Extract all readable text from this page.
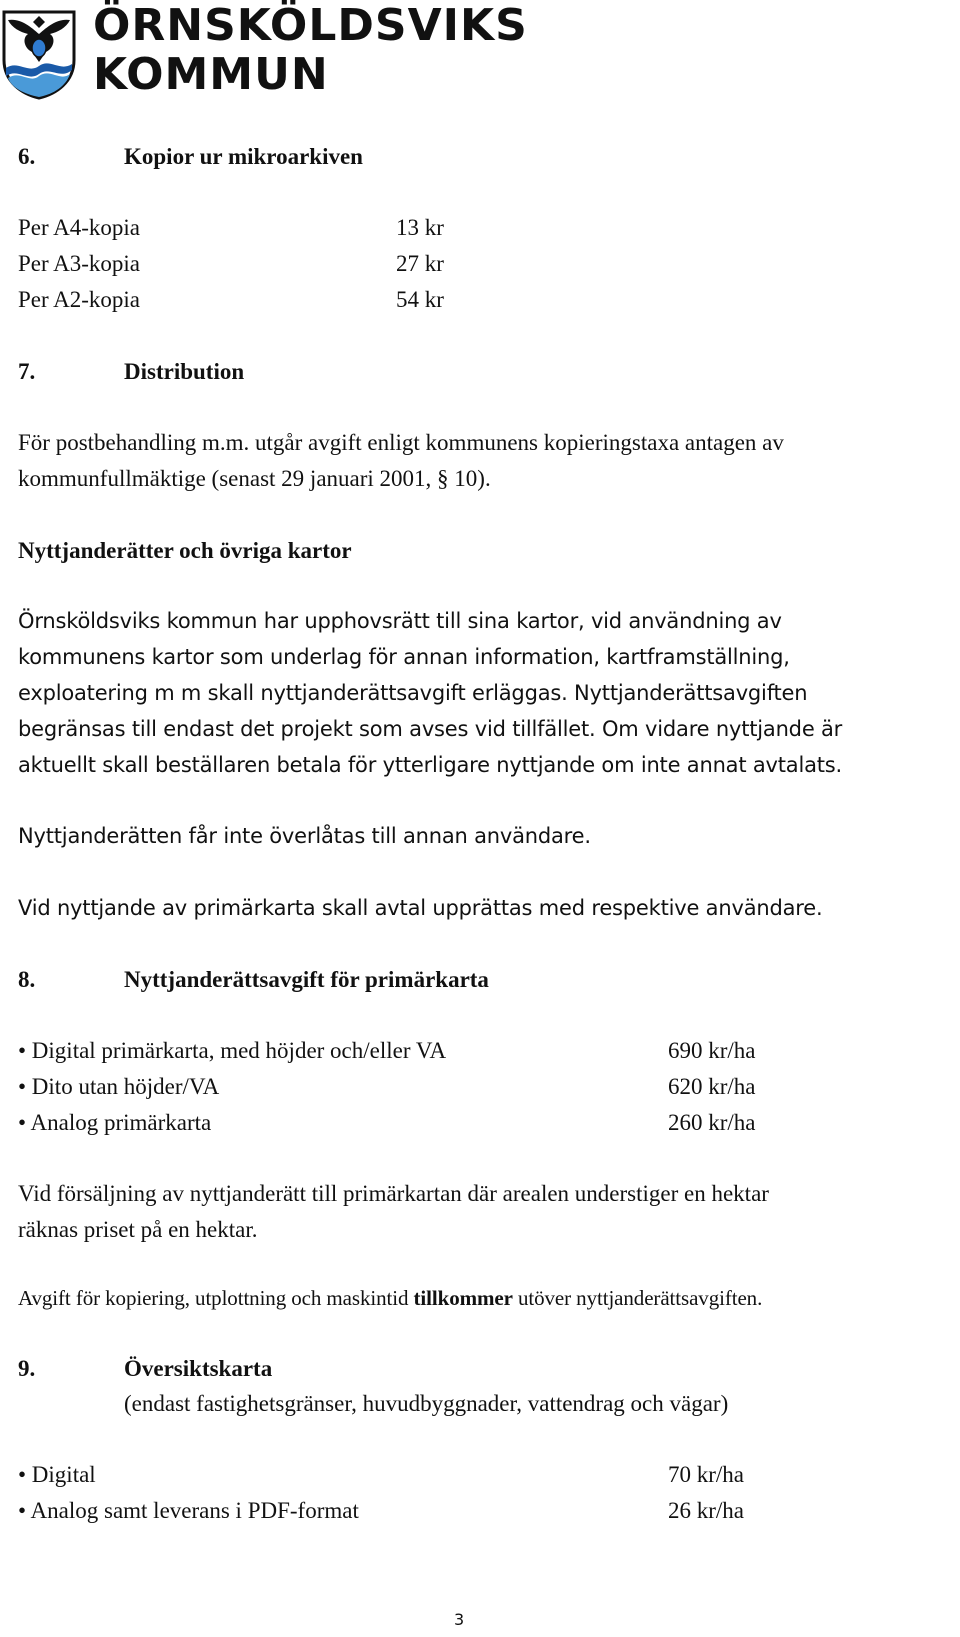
ÖRNSKÖLDSVIKS
KOMMUN
6.	Kopior ur mikroarkiven
Per A4-kopia	13 kr
Per A3-kopia	27 kr
Per A2-kopia	54 kr
7.	Distribution
För postbehandling m.m. utgår avgift enligt kommunens kopieringstaxa antagen av
kommunfullmäktige (senast 29 januari 2001, § 10).
Nyttjanderätter och övriga kartor
Örnsköldsviks kommun har upphovsrätt till sina kartor, vid användning av
kommunens kartor som underlag för annan information, kartframställning,
exploatering m m skall nyttjanderättsavgift erläggas. Nyttjanderättsavgiften
begränsas till endast det projekt som avses vid tillfället. Om vidare nyttjande är
aktuellt skall beställaren betala för ytterligare nyttjande om inte annat avtalats.
Nyttjanderätten får inte överlåtas till annan användare.
Vid nyttjande av primärkarta skall avtal upprättas med respektive användare.
8.	Nyttjanderättsavgift för primärkarta
• Digital primärkarta, med höjder och/eller VA	690 kr/ha
• Dito utan höjder/VA	620 kr/ha
• Analog primärkarta	260 kr/ha
Vid försäljning av nyttjanderätt till primärkartan där arealen understiger en hektar
räknas priset på en hektar.
Avgift för kopiering, utplottning och maskintid tillkommer utöver nyttjanderättsavgiften.
9.	Översiktskarta
(endast fastighetsgränser, huvudbyggnader, vattendrag och vägar)
• Digital	70 kr/ha
• Analog samt leverans i PDF-format	26 kr/ha
3
